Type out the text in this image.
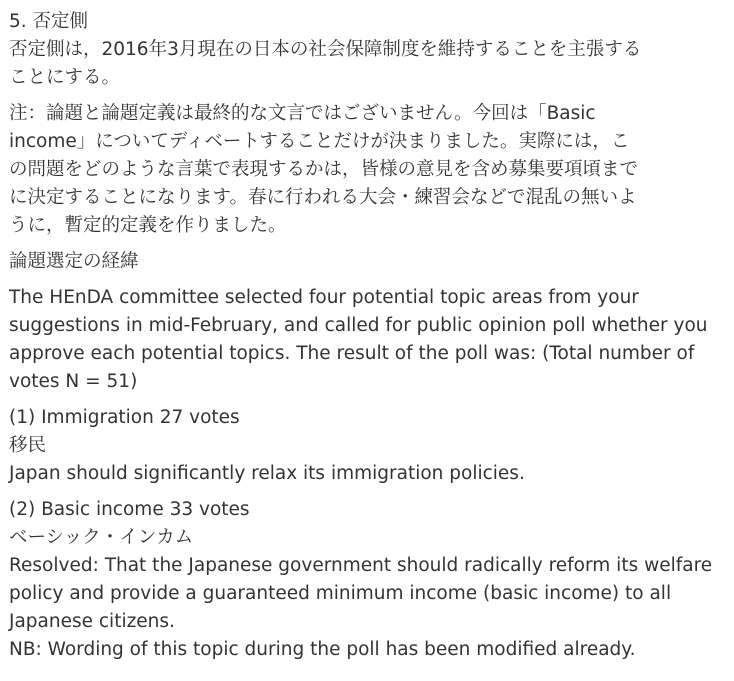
5. 否定側

否定側は，2016年3月現在の日本の社会保障制度を維持することを主張する
ことにする。

注：論題と論題定義は最終的な文言ではございません。今回は「Basic
income」についてディベートすることだけが決まりました。実際には，こ
の問題をどのような言葉で表現するかは，皆様の意見を含め募集要項頃まで
に決定することになります。春に行われる大会・練習会などで混乱の無いよ
うに，暫定的定義を作りました。
論題選定の経緯
The HEnDA committee selected four potential topic areas from your
suggestions in mid-February, and called for public opinion poll whether you
approve each potential topics. The result of the poll was: (Total number of
votes N = 51)
(1) Immigration 27 votes
移民
Japan should significantly relax its immigration policies.
(2) Basic income 33 votes
ベーシック・インカム
Resolved: That the Japanese government should radically reform its welfare
policy and provide a guaranteed minimum income (basic income) to all
Japanese citizens.
NB: Wording of this topic during the poll has been modified already.
